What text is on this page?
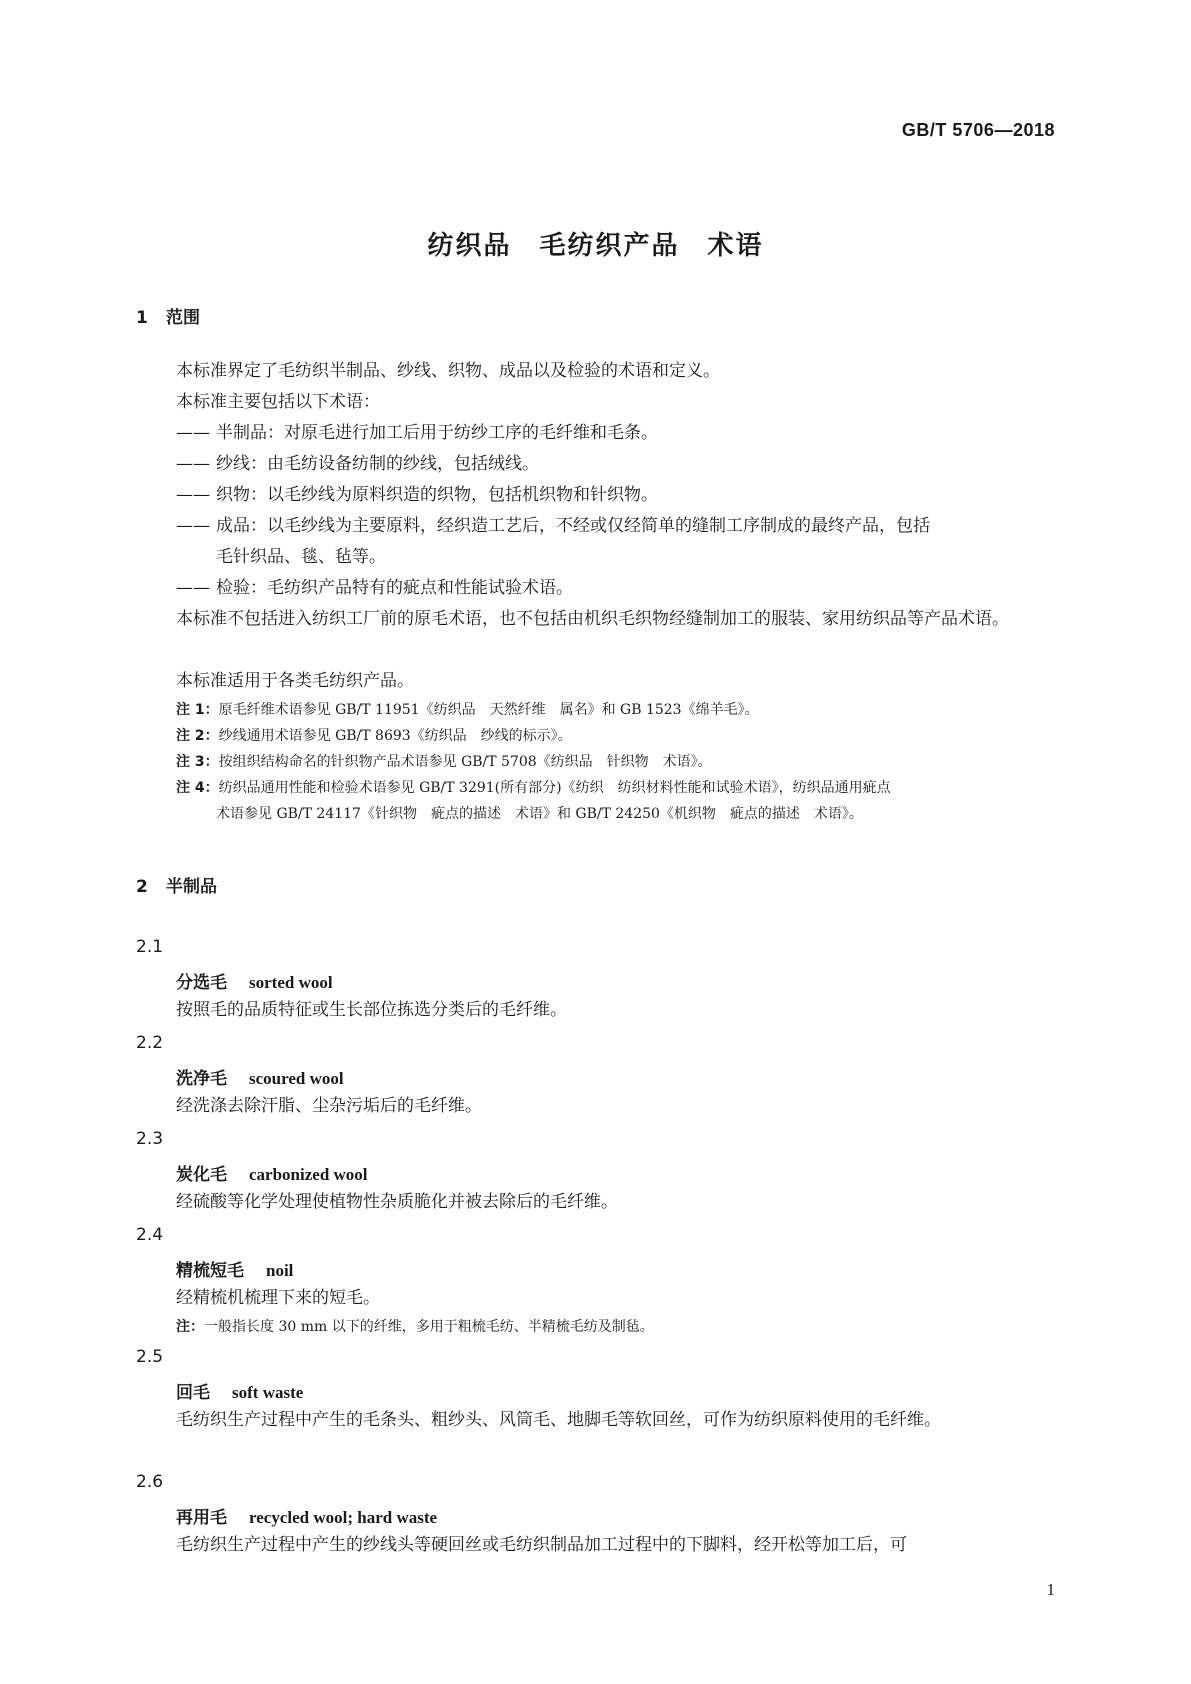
GB/T 5706—2018
纺织品　毛纺织产品　术语
1 范围
本标准界定了毛纺织半制品、纱线、织物、成品以及检验的术语和定义。
本标准主要包括以下术语：
—— 半制品：对原毛进行加工后用于纺纱工序的毛纤维和毛条。
—— 纱线：由毛纺设备纺制的纱线，包括绒线。
—— 织物：以毛纱线为原料织造的织物，包括机织物和针织物。
—— 成品：以毛纱线为主要原料，经织造工艺后，不经或仅经简单的缝制工序制成的最终产品，包括
毛针织品、毯、毡等。
—— 检验：毛纺织产品特有的疵点和性能试验术语。
本标准不包括进入纺织工厂前的原毛术语，也不包括由机织毛织物经缝制加工的服装、家用纺织品等产品术语。
本标准适用于各类毛纺织产品。
注 1：原毛纤维术语参见 GB/T 11951《纺织品　天然纤维　属名》和 GB 1523《绵羊毛》。
注 2：纱线通用术语参见 GB/T 8693《纺织品　纱线的标示》。
注 3：按组织结构命名的针织物产品术语参见 GB/T 5708《纺织品　针织物　术语》。
注 4：纺织品通用性能和检验术语参见 GB/T 3291(所有部分)《纺织　纺织材料性能和试验术语》，纺织品通用疵点
术语参见 GB/T 24117《针织物　疵点的描述　术语》和 GB/T 24250《机织物　疵点的描述　术语》。
2 半制品
2.1
分选毛 sorted wool
按照毛的品质特征或生长部位拣选分类后的毛纤维。
2.2
洗净毛 scoured wool
经洗涤去除汗脂、尘杂污垢后的毛纤维。
2.3
炭化毛 carbonized wool
经硫酸等化学处理使植物性杂质脆化并被去除后的毛纤维。
2.4
精梳短毛 noil
经精梳机梳理下来的短毛。
注：一般指长度 30 mm 以下的纤维，多用于粗梳毛纺、半精梳毛纺及制毡。
2.5
回毛 soft waste
毛纺织生产过程中产生的毛条头、粗纱头、风筒毛、地脚毛等软回丝，可作为纺织原料使用的毛纤维。
2.6
再用毛 recycled wool; hard waste
毛纺织生产过程中产生的纱线头等硬回丝或毛纺织制品加工过程中的下脚料，经开松等加工后，可
1
